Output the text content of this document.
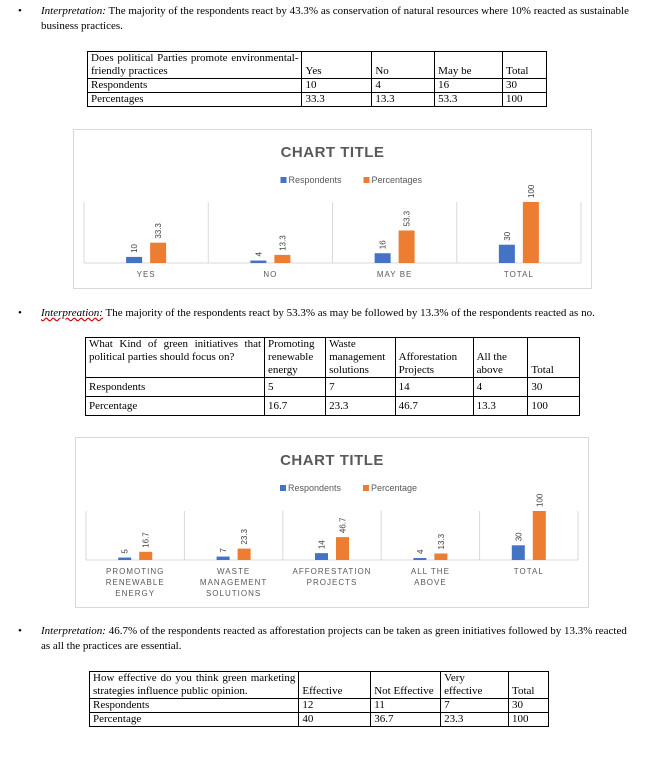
• Interpretation: The majority of the respondents react by 43.3% as conservation of natural resources where 10% reacted as sustainable business practices.
Does political Parties promote environmental-friendly practices	Yes	No	May be	Total
Respondents	10	4	16	30
Percentages	33.3	13.3	53.3	100
CHART TITLE
Respondents	Percentages
10
33.3
YES
4
13.3
NO
16
53.3
MAY BE
30
100
TOTAL
• Interpreation: The majority of the respondents react by 53.3% as may be followed by 13.3% of the respondents reacted as no.
What Kind of green initiatives that political parties should focus on?	Promoting renewable energy	Waste management solutions	Afforestation Projects	All the above	Total
Respondents	5	7	14	4	30
Percentage	16.7	23.3	46.7	13.3	100
CHART TITLE
Respondents	Percentage
5
16.7
PROMOTING
RENEWABLE
ENERGY
7
23.3
WASTE
MANAGEMENT
SOLUTIONS
14
46.7
AFFORESTATION
PROJECTS
4
13.3
ALL THE
ABOVE
30
100
TOTAL
• Interpretation: 46.7% of the respondents reacted as afforestation projects can be taken as green initiatives followed by 13.3% reacted as all the practices are essential.
How effective do you think green marketing strategies influence public opinion.	Effective	Not Effective	Very effective	Total
Respondents	12	11	7	30
Percentage	40	36.7	23.3	100
